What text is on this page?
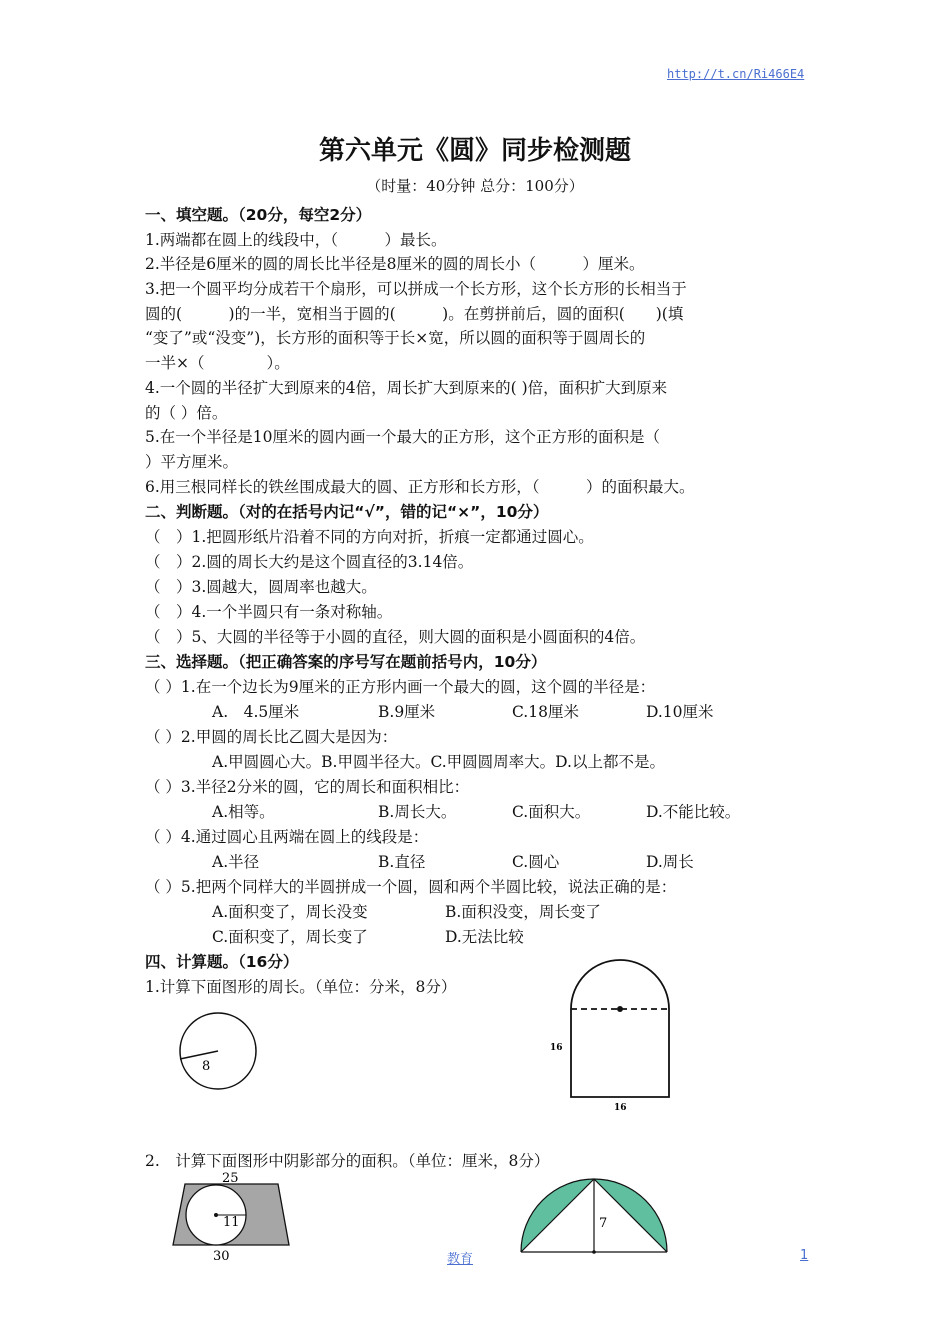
http://t.cn/Ri466E4
第六单元《圆》同步检测题
（时量：40分钟 总分：100分）
一、填空题。（20分，每空2分）
1.两端都在圆上的线段中，（　　　）最长。
2.半径是6厘米的圆的周长比半径是8厘米的圆的周长小（　　　）厘米。
3.把一个圆平均分成若干个扇形，可以拼成一个长方形，这个长方形的长相当于
圆的(　　　)的一半，宽相当于圆的(　　　)。在剪拼前后，圆的面积(　　)(填
“变了”或“没变”)，长方形的面积等于长×宽，所以圆的面积等于圆周长的
一半×（　　　　）。
4.一个圆的半径扩大到原来的4倍，周长扩大到原来的( )倍，面积扩大到原来
的（ ）倍。
5.在一个半径是10厘米的圆内画一个最大的正方形，这个正方形的面积是（
）平方厘米。
6.用三根同样长的铁丝围成最大的圆、正方形和长方形，（　　　）的面积最大。
二、判断题。（对的在括号内记“√”，错的记“×”，10分）
（　）1.把圆形纸片沿着不同的方向对折，折痕一定都通过圆心。
（　）2.圆的周长大约是这个圆直径的3.14倍。
（　）3.圆越大，圆周率也越大。
（　）4.一个半圆只有一条对称轴。
（　）5、大圆的半径等于小圆的直径，则大圆的面积是小圆面积的4倍。
三、选择题。（把正确答案的序号写在题前括号内，10分）
（ ）1.在一个边长为9厘米的正方形内画一个最大的圆，这个圆的半径是：
A.　4.5厘米	B.9厘米	C.18厘米	D.10厘米
（ ）2.甲圆的周长比乙圆大是因为：
A.甲圆圆心大。B.甲圆半径大。C.甲圆圆周率大。D.以上都不是。
（ ）3.半径2分米的圆，它的周长和面积相比：
A.相等。	B.周长大。	C.面积大。	D.不能比较。
（ ）4.通过圆心且两端在圆上的线段是：
A.半径	B.直径	C.圆心	D.周长
（ ）5.把两个同样大的半圆拼成一个圆，圆和两个半圆比较，说法正确的是：
A.面积变了，周长没变	B.面积没变，周长变了
C.面积变了，周长变了	D.无法比较
四、计算题。（16分）
1.计算下面图形的周长。（单位：分米，8分）
8
16
16
2.　计算下面图形中阴影部分的面积。（单位：厘米，8分）
25
11
30
7
教育	1
